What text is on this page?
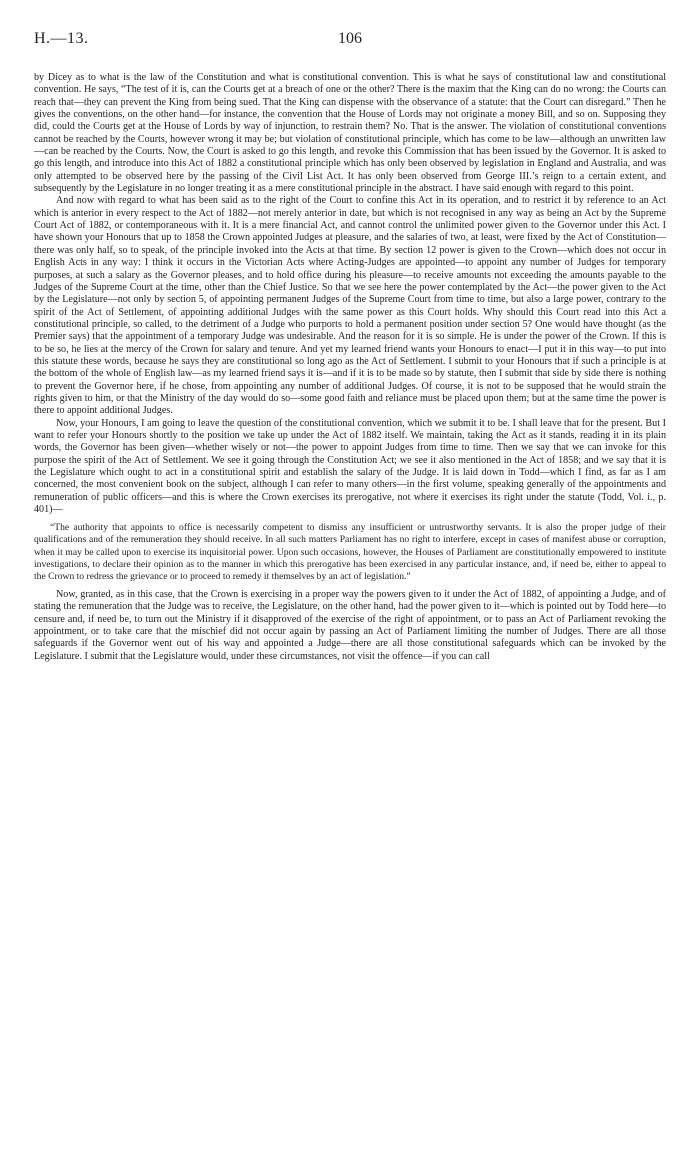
H.—13.	106

by Dicey as to what is the law of the Constitution and what is constitutional convention. This is what he says of constitutional law and constitutional convention. He says, “The test of it is, can the Courts get at a breach of one or the other? There is the maxim that the King can do no wrong: the Courts can reach that—they can prevent the King from being sued. That the King can dispense with the observance of a statute: that the Court can disregard.” Then he gives the conventions, on the other hand—for instance, the convention that the House of Lords may not originate a money Bill, and so on. Supposing they did, could the Courts get at the House of Lords by way of injunction, to restrain them? No. That is the answer. The violation of constitutional conventions cannot be reached by the Courts, however wrong it may be; but violation of constitutional principle, which has come to be law—although an unwritten law—can be reached by the Courts. Now, the Court is asked to go this length, and revoke this Commission that has been issued by the Governor. It is asked to go this length, and introduce into this Act of 1882 a constitutional principle which has only been observed by legislation in England and Australia, and was only attempted to be observed here by the passing of the Civil List Act. It has only been observed from George III.’s reign to a certain extent, and subsequently by the Legislature in no longer treating it as a mere constitutional principle in the abstract. I have said enough with regard to this point.

And now with regard to what has been said as to the right of the Court to confine this Act in its operation, and to restrict it by reference to an Act which is anterior in every respect to the Act of 1882—not merely anterior in date, but which is not recognised in any way as being an Act by the Supreme Court Act of 1882, or contemporaneous with it. It is a mere financial Act, and cannot control the unlimited power given to the Governor under this Act. I have shown your Honours that up to 1858 the Crown appointed Judges at pleasure, and the salaries of two, at least, were fixed by the Act of Constitution—there was only half, so to speak, of the principle invoked into the Acts at that time. By section 12 power is given to the Crown—which does not occur in English Acts in any way: I think it occurs in the Victorian Acts where Acting-Judges are appointed—to appoint any number of Judges for temporary purposes, at such a salary as the Governor pleases, and to hold office during his pleasure—to receive amounts not exceeding the amounts payable to the Judges of the Supreme Court at the time, other than the Chief Justice. So that we see here the power contemplated by the Act—the power given to the Act by the Legislature—not only by section 5, of appointing permanent Judges of the Supreme Court from time to time, but also a large power, contrary to the spirit of the Act of Settlement, of appointing additional Judges with the same power as this Court holds. Why should this Court read into this Act a constitutional principle, so called, to the detriment of a Judge who purports to hold a permanent position under section 5? One would have thought (as the Premier says) that the appointment of a temporary Judge was undesirable. And the reason for it is so simple. He is under the power of the Crown. If this is to be so, he lies at the mercy of the Crown for salary and tenure. And yet my learned friend wants your Honours to enact—I put it in this way—to put into this statute these words, because he says they are constitutional so long ago as the Act of Settlement. I submit to your Honours that if such a principle is at the bottom of the whole of English law—as my learned friend says it is—and if it is to be made so by statute, then I submit that side by side there is nothing to prevent the Governor here, if he chose, from appointing any number of additional Judges. Of course, it is not to be supposed that he would strain the rights given to him, or that the Ministry of the day would do so—some good faith and reliance must be placed upon them; but at the same time the power is there to appoint additional Judges.

Now, your Honours, I am going to leave the question of the constitutional convention, which we submit it to be. I shall leave that for the present. But I want to refer your Honours shortly to the position we take up under the Act of 1882 itself. We maintain, taking the Act as it stands, reading it in its plain words, the Governor has been given—whether wisely or not—the power to appoint Judges from time to time. Then we say that we can invoke for this purpose the spirit of the Act of Settlement. We see it going through the Constitution Act; we see it also mentioned in the Act of 1858; and we say that it is the Legislature which ought to act in a constitutional spirit and establish the salary of the Judge. It is laid down in Todd—which I find, as far as I am concerned, the most convenient book on the subject, although I can refer to many others—in the first volume, speaking generally of the appointments and remuneration of public officers—and this is where the Crown exercises its prerogative, not where it exercises its right under the statute (Todd, Vol. i., p. 401)—

“The authority that appoints to office is necessarily competent to dismiss any insufficient or untrustworthy servants. It is also the proper judge of their qualifications and of the remuneration they should receive. In all such matters Parliament has no right to interfere, except in cases of manifest abuse or corruption, when it may be called upon to exercise its inquisitorial power. Upon such occasions, however, the Houses of Parliament are constitutionally empowered to institute investigations, to declare their opinion as to the manner in which this prerogative has been exercised in any particular instance, and, if need be, either to appeal to the Crown to redress the grievance or to proceed to remedy it themselves by an act of legislation.”

Now, granted, as in this case, that the Crown is exercising in a proper way the powers given to it under the Act of 1882, of appointing a Judge, and of stating the remuneration that the Judge was to receive, the Legislature, on the other hand, had the power given to it—which is pointed out by Todd here—to censure and, if need be, to turn out the Ministry if it disapproved of the exercise of the right of appointment, or to pass an Act of Parliament revoking the appointment, or to take care that the mischief did not occur again by passing an Act of Parliament limiting the number of Judges. There are all those safeguards if the Governor went out of his way and appointed a Judge—there are all those constitutional safeguards which can be invoked by the Legislature. I submit that the Legislature would, under these circumstances, not visit the offence—if you can call
